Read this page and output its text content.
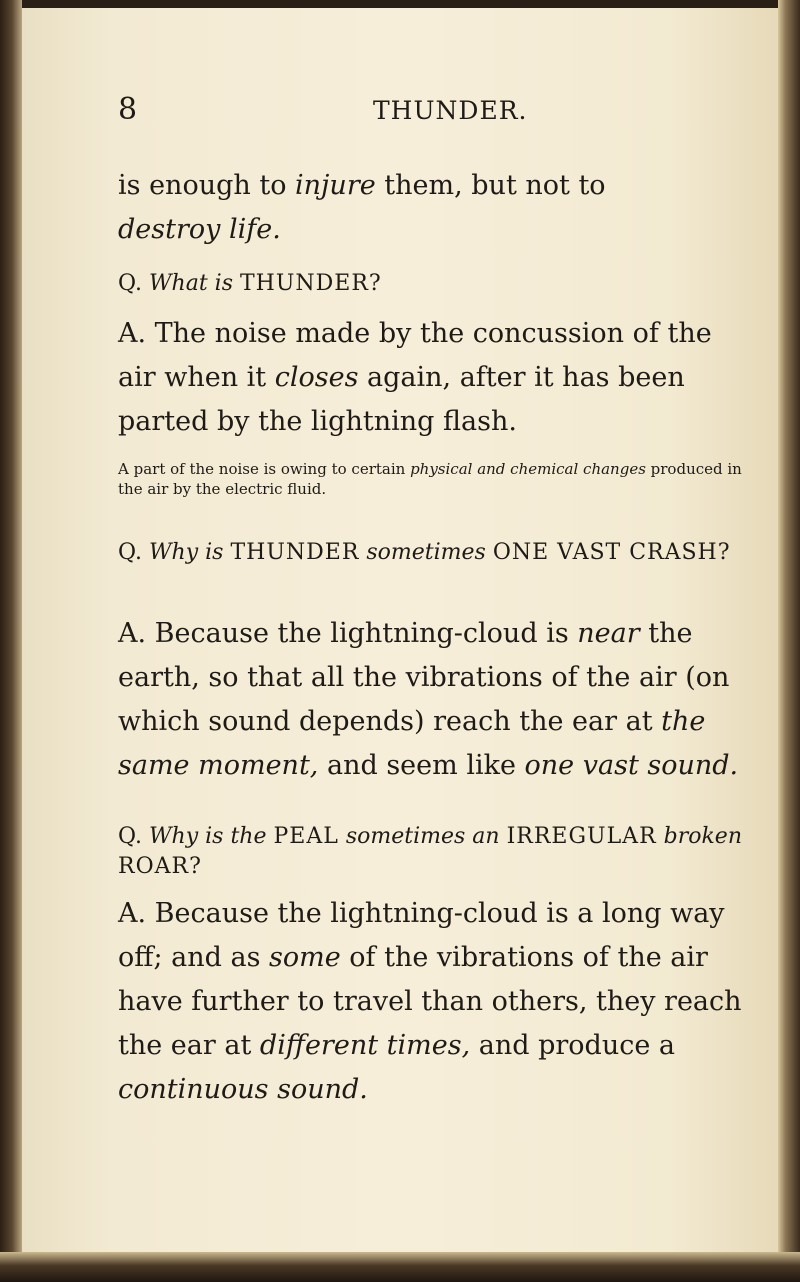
8	THUNDER.
is enough to injure them, but not to
destroy life.
Q. What is THUNDER?
A. The noise made by the concussion of the air when it closes again, after it has been parted by the lightning flash.
A part of the noise is owing to certain physical and chemical changes produced in the air by the electric fluid.
Q. Why is THUNDER sometimes ONE VAST CRASH?
A. Because the lightning-cloud is near the earth, so that all the vibrations of the air (on which sound depends) reach the ear at the same moment, and seem like one vast sound.
Q. Why is the PEAL sometimes an IRREGULAR broken ROAR?
A. Because the lightning-cloud is a long way off; and as some of the vibrations of the air have further to travel than others, they reach the ear at different times, and produce a continuous sound.
